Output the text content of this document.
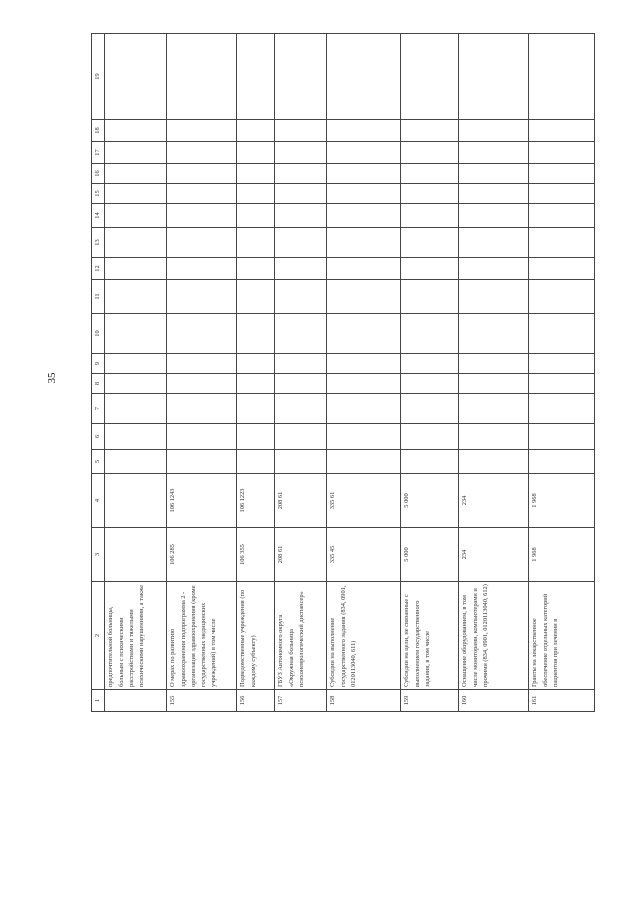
35
1	2	3	4	5	6	7	8	9	10	11	12	13	14	15	16	17	18	19
	предпочтительной больницы, больным с психическими расстройствами и тяжелыми психическими нарушениями, а также																	
155	О мерах по развитию здравоохранения подпрограмма 2 - организация здравоохранения (кроме государственных медицинских учреждений) в том числе	106 285	106 1243															
156	Подведомственные учреждения (по каждому субъекту)	106 355	106 1223															
157	ГБУЗ Автономного округа «Окружная больница психоневрологический диспансер»	208 61	208 61															
158	Субсидии на выполнение государственного задания (834, 0901, 0120113040, 611)	335 45	335 61															
159	Субсидии на цели, не связанные с выполнением государственного задания, в том числе	5 000	5 000															
160	Оснащение оборудованием, в том числе мониторами, компьютерами и прочими (834, 0901, 0120113040, 612)	234	234															
161	Гранты на лекарственное обеспечение отдельных категорий пациентов при лечении в	1 968	1 968															
